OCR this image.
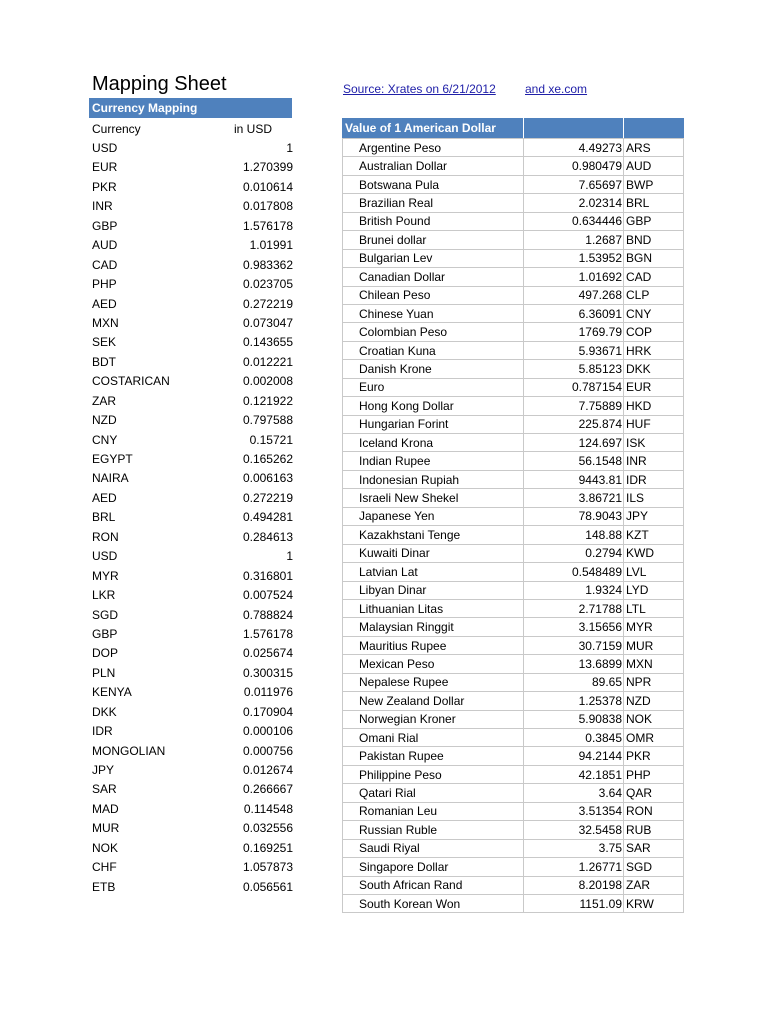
Mapping Sheet	Source: Xrates on 6/21/2012 and xe.com
Currency Mapping
Currency	in USD
USD	1
EUR	1.270399
PKR	0.010614
INR	0.017808
GBP	1.576178
AUD	1.01991
CAD	0.983362
PHP	0.023705
AED	0.272219
MXN	0.073047
SEK	0.143655
BDT	0.012221
COSTARICAN	0.002008
ZAR	0.121922
NZD	0.797588
CNY	0.15721
EGYPT	0.165262
NAIRA	0.006163
AED	0.272219
BRL	0.494281
RON	0.284613
USD	1
MYR	0.316801
LKR	0.007524
SGD	0.788824
GBP	1.576178
DOP	0.025674
PLN	0.300315
KENYA	0.011976
DKK	0.170904
IDR	0.000106
MONGOLIAN	0.000756
JPY	0.012674
SAR	0.266667
MAD	0.114548
MUR	0.032556
NOK	0.169251
CHF	1.057873
ETB	0.056561
Value of 1 American Dollar
Argentine Peso	4.49273	ARS
Australian Dollar	0.980479	AUD
Botswana Pula	7.65697	BWP
Brazilian Real	2.02314	BRL
British Pound	0.634446	GBP
Brunei dollar	1.2687	BND
Bulgarian Lev	1.53952	BGN
Canadian Dollar	1.01692	CAD
Chilean Peso	497.268	CLP
Chinese Yuan	6.36091	CNY
Colombian Peso	1769.79	COP
Croatian Kuna	5.93671	HRK
Danish Krone	5.85123	DKK
Euro	0.787154	EUR
Hong Kong Dollar	7.75889	HKD
Hungarian Forint	225.874	HUF
Iceland Krona	124.697	ISK
Indian Rupee	56.1548	INR
Indonesian Rupiah	9443.81	IDR
Israeli New Shekel	3.86721	ILS
Japanese Yen	78.9043	JPY
Kazakhstani Tenge	148.88	KZT
Kuwaiti Dinar	0.2794	KWD
Latvian Lat	0.548489	LVL
Libyan Dinar	1.9324	LYD
Lithuanian Litas	2.71788	LTL
Malaysian Ringgit	3.15656	MYR
Mauritius Rupee	30.7159	MUR
Mexican Peso	13.6899	MXN
Nepalese Rupee	89.65	NPR
New Zealand Dollar	1.25378	NZD
Norwegian Kroner	5.90838	NOK
Omani Rial	0.3845	OMR
Pakistan Rupee	94.2144	PKR
Philippine Peso	42.1851	PHP
Qatari Rial	3.64	QAR
Romanian Leu	3.51354	RON
Russian Ruble	32.5458	RUB
Saudi Riyal	3.75	SAR
Singapore Dollar	1.26771	SGD
South African Rand	8.20198	ZAR
South Korean Won	1151.09	KRW
